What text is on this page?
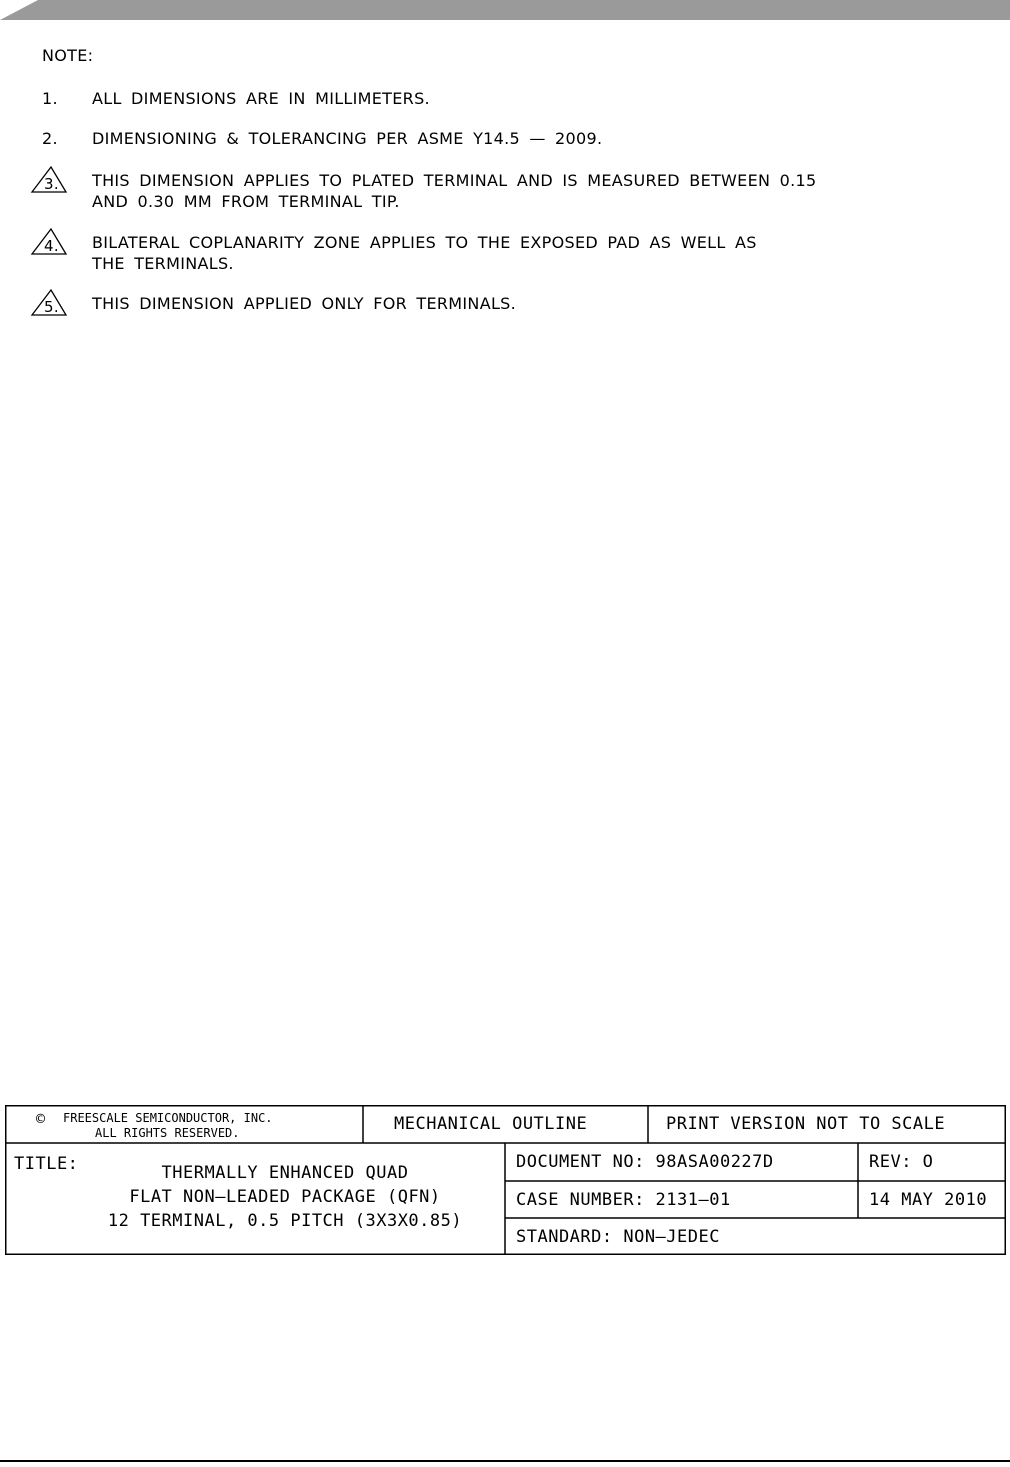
NOTE:
1. ALL DIMENSIONS ARE IN MILLIMETERS.
2. DIMENSIONING & TOLERANCING PER ASME Y14.5 — 2009.
3. THIS DIMENSION APPLIES TO PLATED TERMINAL AND IS MEASURED BETWEEN 0.15
AND 0.30 MM FROM TERMINAL TIP.
4. BILATERAL COPLANARITY ZONE APPLIES TO THE EXPOSED PAD AS WELL AS
THE TERMINALS.
5. THIS DIMENSION APPLIED ONLY FOR TERMINALS.
© FREESCALE SEMICONDUCTOR, INC.
ALL RIGHTS RESERVED.	MECHANICAL OUTLINE	PRINT VERSION NOT TO SCALE
TITLE:	THERMALLY ENHANCED QUAD
FLAT NON—LEADED PACKAGE (QFN)
12 TERMINAL, 0.5 PITCH (3X3X0.85)
DOCUMENT NO: 98ASA00227D	REV: O
CASE NUMBER: 2131—01	14 MAY 2010
STANDARD: NON—JEDEC
